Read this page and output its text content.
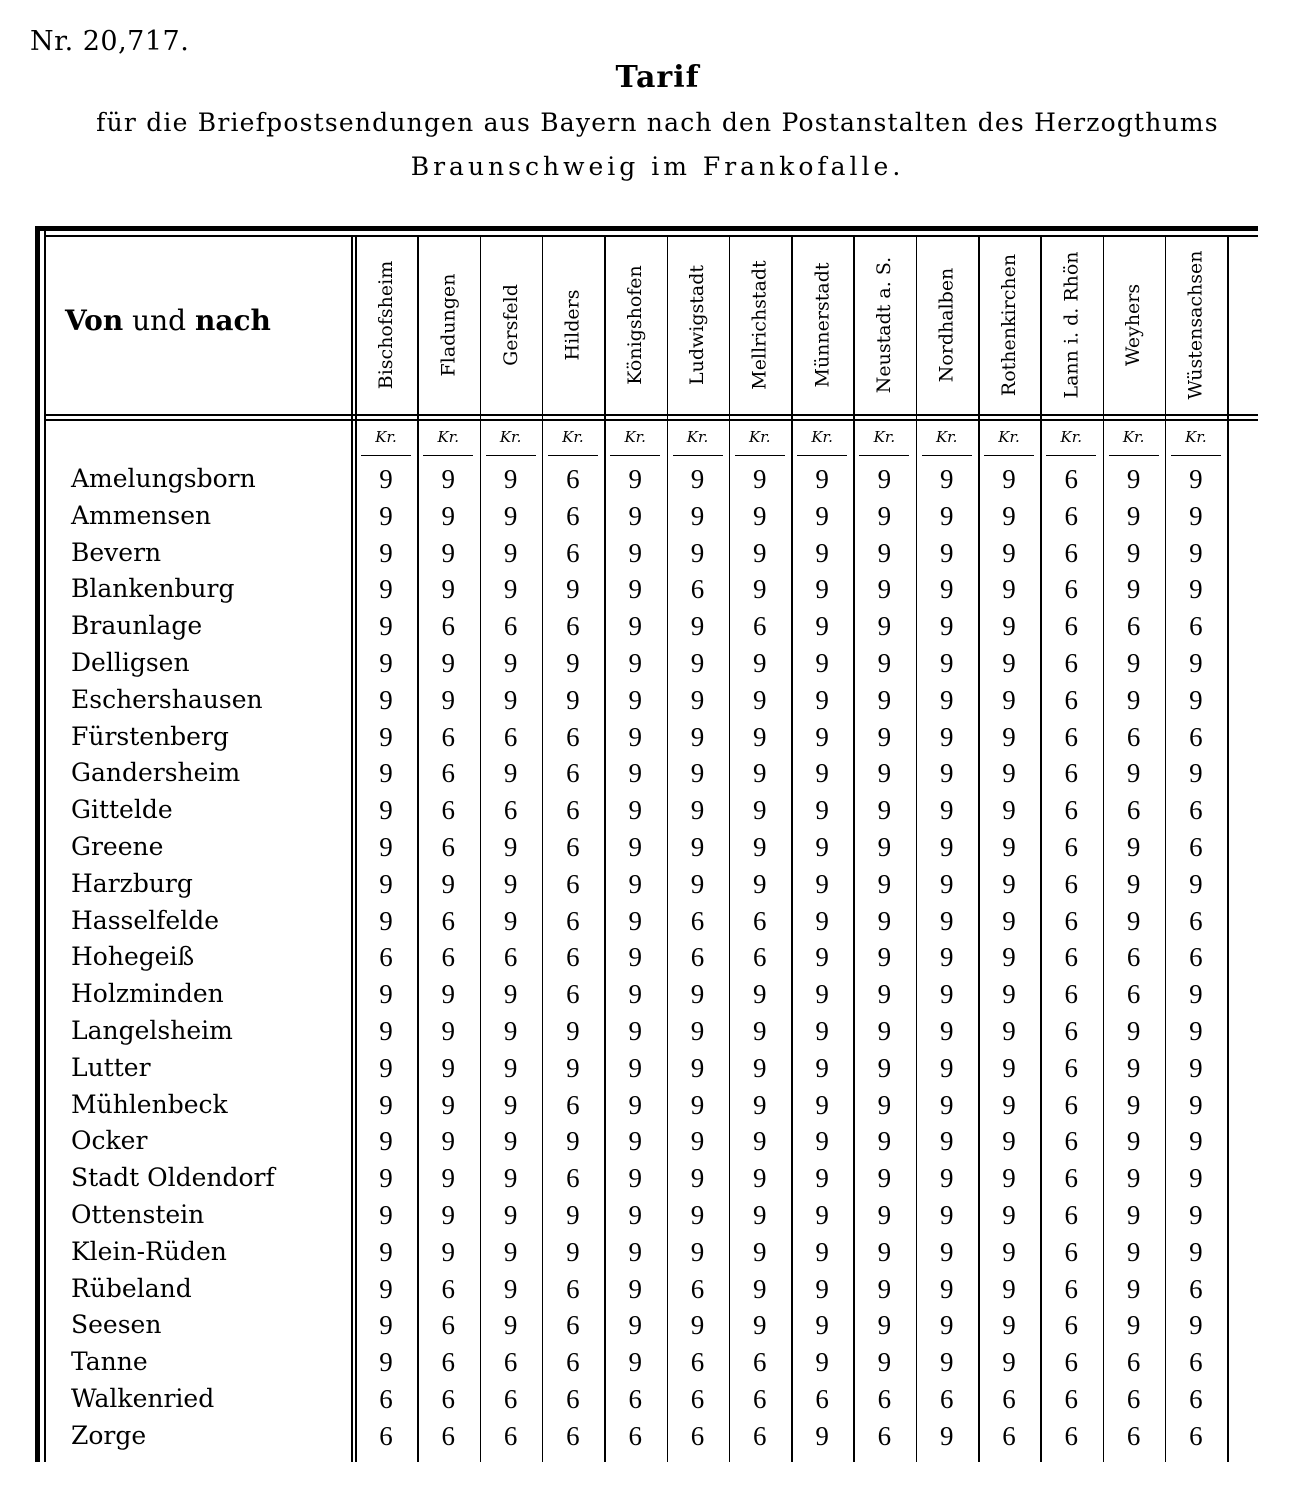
Nr. 20,717.
Tarif
für die Briefpostsendungen aus Bayern nach den Postanstalten des Herzogthums
Braunschweig im Frankofalle.
Von und nach
Amelungsborn
Ammensen
Bevern
Blankenburg
Braunlage
Delligsen
Eschershausen
Fürstenberg
Gandersheim
Gittelde
Greene
Harzburg
Hasselfelde
Hohegeiß
Holzminden
Langelsheim
Lutter
Mühlenbeck
Ocker
Stadt Oldendorf
Ottenstein
Klein-Rüden
Rübeland
Seesen
Tanne
Walkenried
Zorge
Bischofsheim
Kr.
9
9
9
9
9
9
9
9
9
9
9
9
9
6
9
9
9
9
9
9
9
9
9
9
9
6
6
Fladungen
Kr.
9
9
9
9
6
9
9
6
6
6
6
9
6
6
9
9
9
9
9
9
9
9
6
6
6
6
6
Gersfeld
Kr.
9
9
9
9
6
9
9
6
9
6
9
9
9
6
9
9
9
9
9
9
9
9
9
9
6
6
6
Hilders
Kr.
6
6
6
9
6
9
9
6
6
6
6
6
6
6
6
9
9
6
9
6
9
9
6
6
6
6
6
Königshofen
Kr.
9
9
9
9
9
9
9
9
9
9
9
9
9
9
9
9
9
9
9
9
9
9
9
9
9
6
6
Ludwigstadt
Kr.
9
9
9
6
9
9
9
9
9
9
9
9
6
6
9
9
9
9
9
9
9
9
6
9
6
6
6
Mellrichstadt
Kr.
9
9
9
9
6
9
9
9
9
9
9
9
6
6
9
9
9
9
9
9
9
9
9
9
6
6
6
Münnerstadt
Kr.
9
9
9
9
9
9
9
9
9
9
9
9
9
9
9
9
9
9
9
9
9
9
9
9
9
6
9
Neustadt a. S.
Kr.
9
9
9
9
9
9
9
9
9
9
9
9
9
9
9
9
9
9
9
9
9
9
9
9
9
6
6
Nordhalben
Kr.
9
9
9
9
9
9
9
9
9
9
9
9
9
9
9
9
9
9
9
9
9
9
9
9
9
6
9
Rothenkirchen
Kr.
9
9
9
9
9
9
9
9
9
9
9
9
9
9
9
9
9
9
9
9
9
9
9
9
9
6
6
Lann i. d. Rhön
Kr.
6
6
6
6
6
6
6
6
6
6
6
6
6
6
6
6
6
6
6
6
6
6
6
6
6
6
6
Weyhers
Kr.
9
9
9
9
6
9
9
6
9
6
9
9
9
6
6
9
9
9
9
9
9
9
9
9
6
6
6
Wüstensachsen
Kr.
9
9
9
9
6
9
9
6
9
6
6
9
6
6
9
9
9
9
9
9
9
9
6
9
6
6
6
